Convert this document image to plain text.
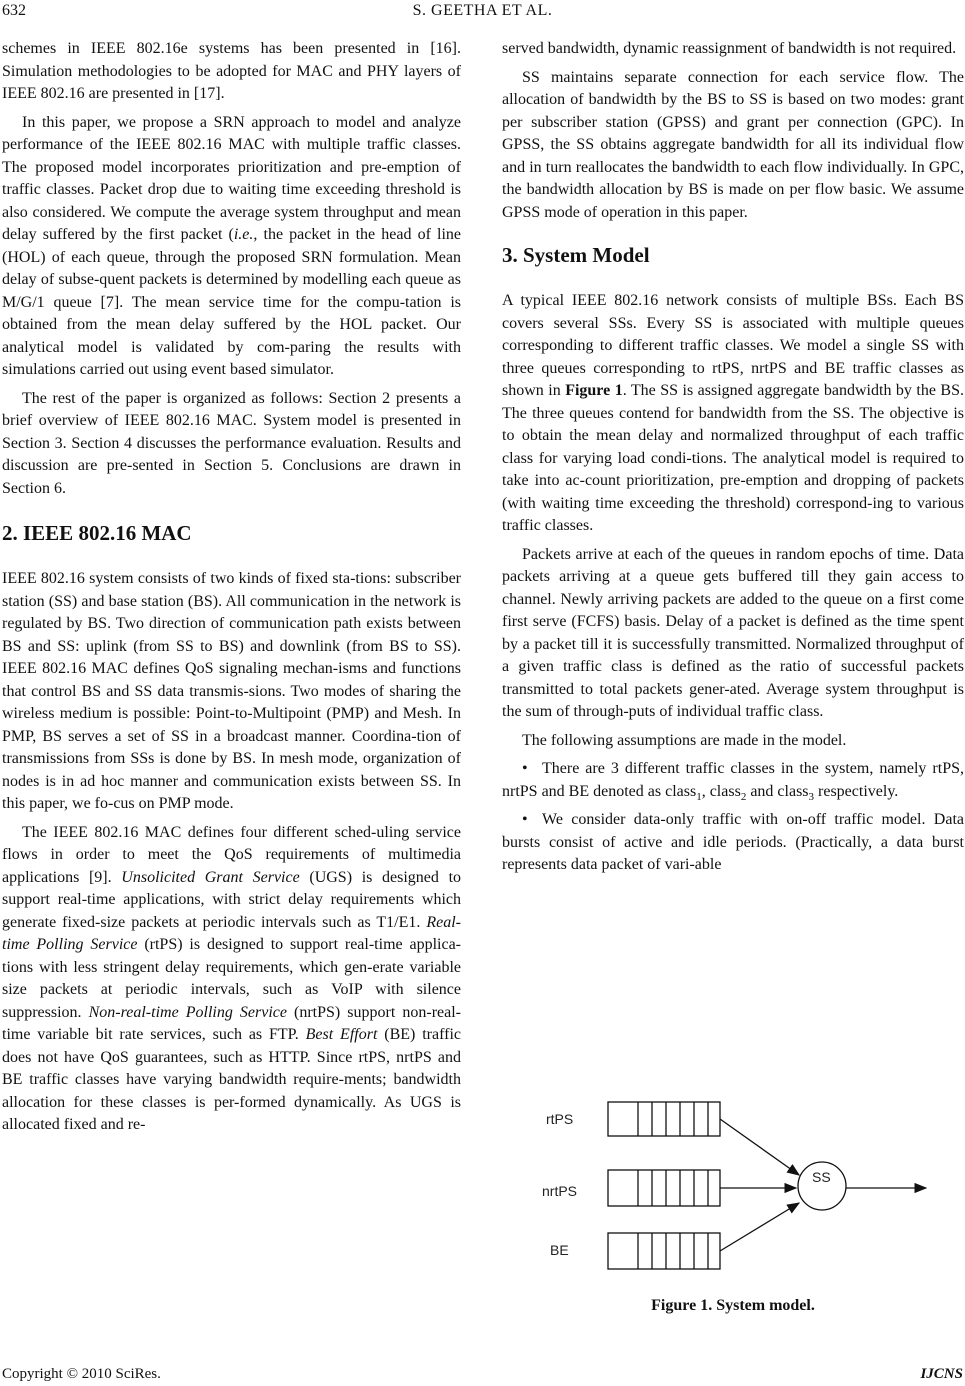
632	S. GEETHA ET AL.

schemes in IEEE 802.16e systems has been presented in [16]. Simulation methodologies to be adopted for MAC and PHY layers of IEEE 802.16 are presented in [17].

In this paper, we propose a SRN approach to model and analyze performance of the IEEE 802.16 MAC with multiple traffic classes. The proposed model incorporates prioritization and pre-emption of traffic classes. Packet drop due to waiting time exceeding threshold is also considered. We compute the average system throughput and mean delay suffered by the first packet (i.e., the packet in the head of line (HOL) of each queue, through the proposed SRN formulation. Mean delay of subse-quent packets is determined by modelling each queue as M/G/1 queue [7]. The mean service time for the compu-tation is obtained from the mean delay suffered by the HOL packet. Our analytical model is validated by com-paring the results with simulations carried out using event based simulator.

The rest of the paper is organized as follows: Section 2 presents a brief overview of IEEE 802.16 MAC. System model is presented in Section 3. Section 4 discusses the performance evaluation. Results and discussion are pre-sented in Section 5. Conclusions are drawn in Section 6.

2. IEEE 802.16 MAC

IEEE 802.16 system consists of two kinds of fixed sta-tions: subscriber station (SS) and base station (BS). All communication in the network is regulated by BS. Two direction of communication path exists between BS and SS: uplink (from SS to BS) and downlink (from BS to SS). IEEE 802.16 MAC defines QoS signaling mechan-isms and functions that control BS and SS data transmis-sions. Two modes of sharing the wireless medium is possible: Point-to-Multipoint (PMP) and Mesh. In PMP, BS serves a set of SS in a broadcast manner. Coordina-tion of transmissions from SSs is done by BS. In mesh mode, organization of nodes is in ad hoc manner and communication exists between SS. In this paper, we fo-cus on PMP mode.

The IEEE 802.16 MAC defines four different sched-uling service flows in order to meet the QoS requirements of multimedia applications [9]. Unsolicited Grant Service (UGS) is designed to support real-time applications, with strict delay requirements which generate fixed-size packets at periodic intervals such as T1/E1. Real-time Polling Service (rtPS) is designed to support real-time applica-tions with less stringent delay requirements, which gen-erate variable size packets at periodic intervals, such as VoIP with silence suppression. Non-real-time Polling Service (nrtPS) support non-real-time variable bit rate services, such as FTP. Best Effort (BE) traffic does not have QoS guarantees, such as HTTP. Since rtPS, nrtPS and BE traffic classes have varying bandwidth require-ments; bandwidth allocation for these classes is per-formed dynamically. As UGS is allocated fixed and re-

served bandwidth, dynamic reassignment of bandwidth is not required.

SS maintains separate connection for each service flow. The allocation of bandwidth by the BS to SS is based on two modes: grant per subscriber station (GPSS) and grant per connection (GPC). In GPSS, the SS obtains aggregate bandwidth for all its individual flow and in turn reallocates the bandwidth to each flow individually. In GPC, the bandwidth allocation by BS is made on per flow basic. We assume GPSS mode of operation in this paper.

3. System Model

A typical IEEE 802.16 network consists of multiple BSs. Each BS covers several SSs. Every SS is associated with multiple queues corresponding to different traffic classes. We model a single SS with three queues corresponding to rtPS, nrtPS and BE traffic classes as shown in Figure 1. The SS is assigned aggregate bandwidth by the BS. The three queues contend for bandwidth from the SS. The objective is to obtain the mean delay and normalized throughput of each traffic class for varying load condi-tions. The analytical model is required to take into ac-count prioritization, pre-emption and dropping of packets (with waiting time exceeding the threshold) correspond-ing to various traffic classes.

Packets arrive at each of the queues in random epochs of time. Data packets arriving at a queue gets buffered till they gain access to channel. Newly arriving packets are added to the queue on a first come first serve (FCFS) basis. Delay of a packet is defined as the time spent by a packet till it is successfully transmitted. Normalized throughput of a given traffic class is defined as the ratio of successful packets transmitted to total packets gener-ated. Average system throughput is the sum of through-puts of individual traffic class.

The following assumptions are made in the model.

• There are 3 different traffic classes in the system, namely rtPS, nrtPS and BE denoted as class$_1$, class$_2$ and class$_3$ respectively.

• We consider data-only traffic with on-off traffic model. Data bursts consist of active and idle periods. (Practically, a data burst represents data packet of vari-able

rtPS
nrtPS
BE
SS
Figure 1. System model.
Copyright © 2010 SciRes.	IJCNS
